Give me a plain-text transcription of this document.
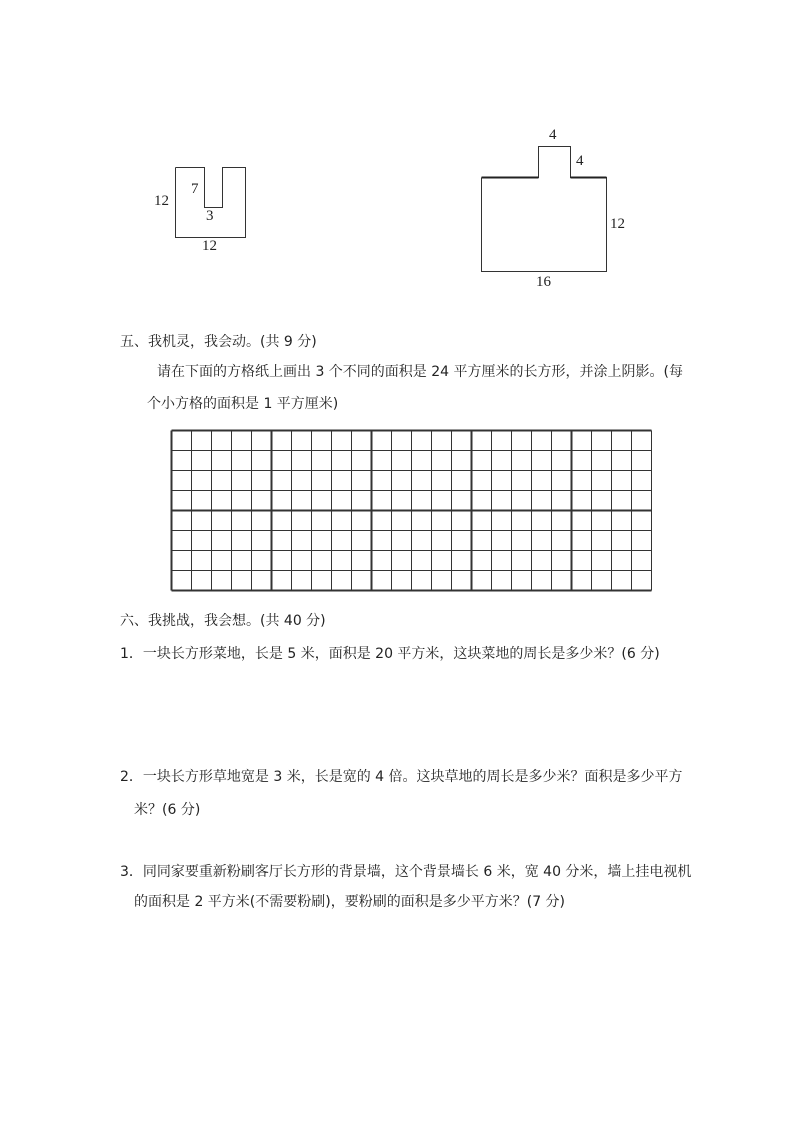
12
7
3
12
4
4
12
16
五、我机灵，我会动。(共 9 分)
请在下面的方格纸上画出 3 个不同的面积是 24 平方厘米的长方形，并涂上阴影。(每
个小方格的面积是 1 平方厘米)
六、我挑战，我会想。(共 40 分)
1．一块长方形菜地，长是 5 米，面积是 20 平方米，这块菜地的周长是多少米？(6 分)
2．一块长方形草地宽是 3 米，长是宽的 4 倍。这块草地的周长是多少米？面积是多少平方
米？(6 分)
3．同同家要重新粉刷客厅长方形的背景墙，这个背景墙长 6 米，宽 40 分米，墙上挂电视机
的面积是 2 平方米(不需要粉刷)，要粉刷的面积是多少平方米？(7 分)
